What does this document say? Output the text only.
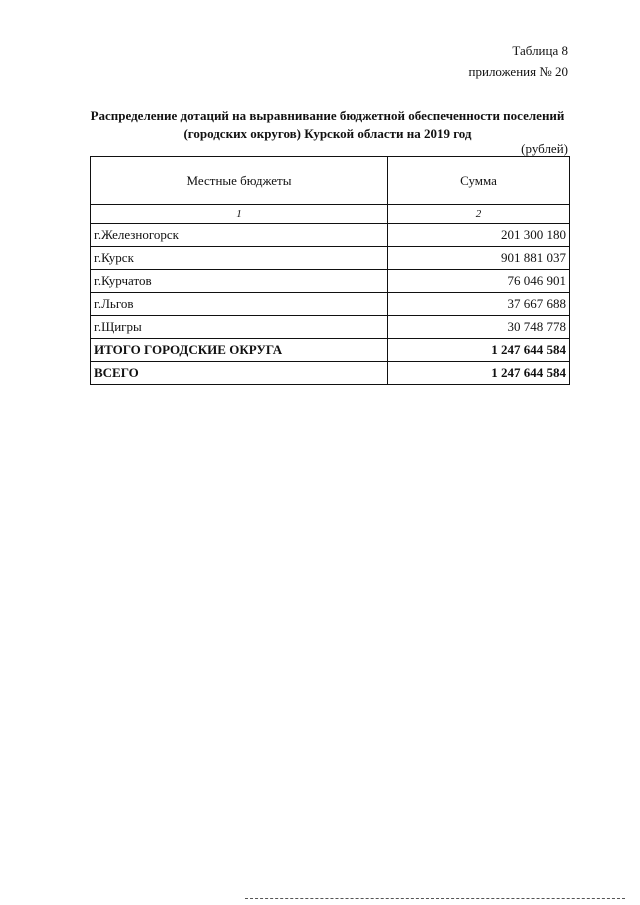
Таблица 8
приложения № 20
Распределение дотаций на выравнивание бюджетной обеспеченности поселений
(городских округов) Курской области на 2019 год
(рублей)
Местные бюджеты	Сумма
1	2
г.Железногорск	201 300 180
г.Курск	901 881 037
г.Курчатов	76 046 901
г.Льгов	37 667 688
г.Щигры	30 748 778
ИТОГО ГОРОДСКИЕ ОКРУГА	1 247 644 584
ВСЕГО	1 247 644 584
